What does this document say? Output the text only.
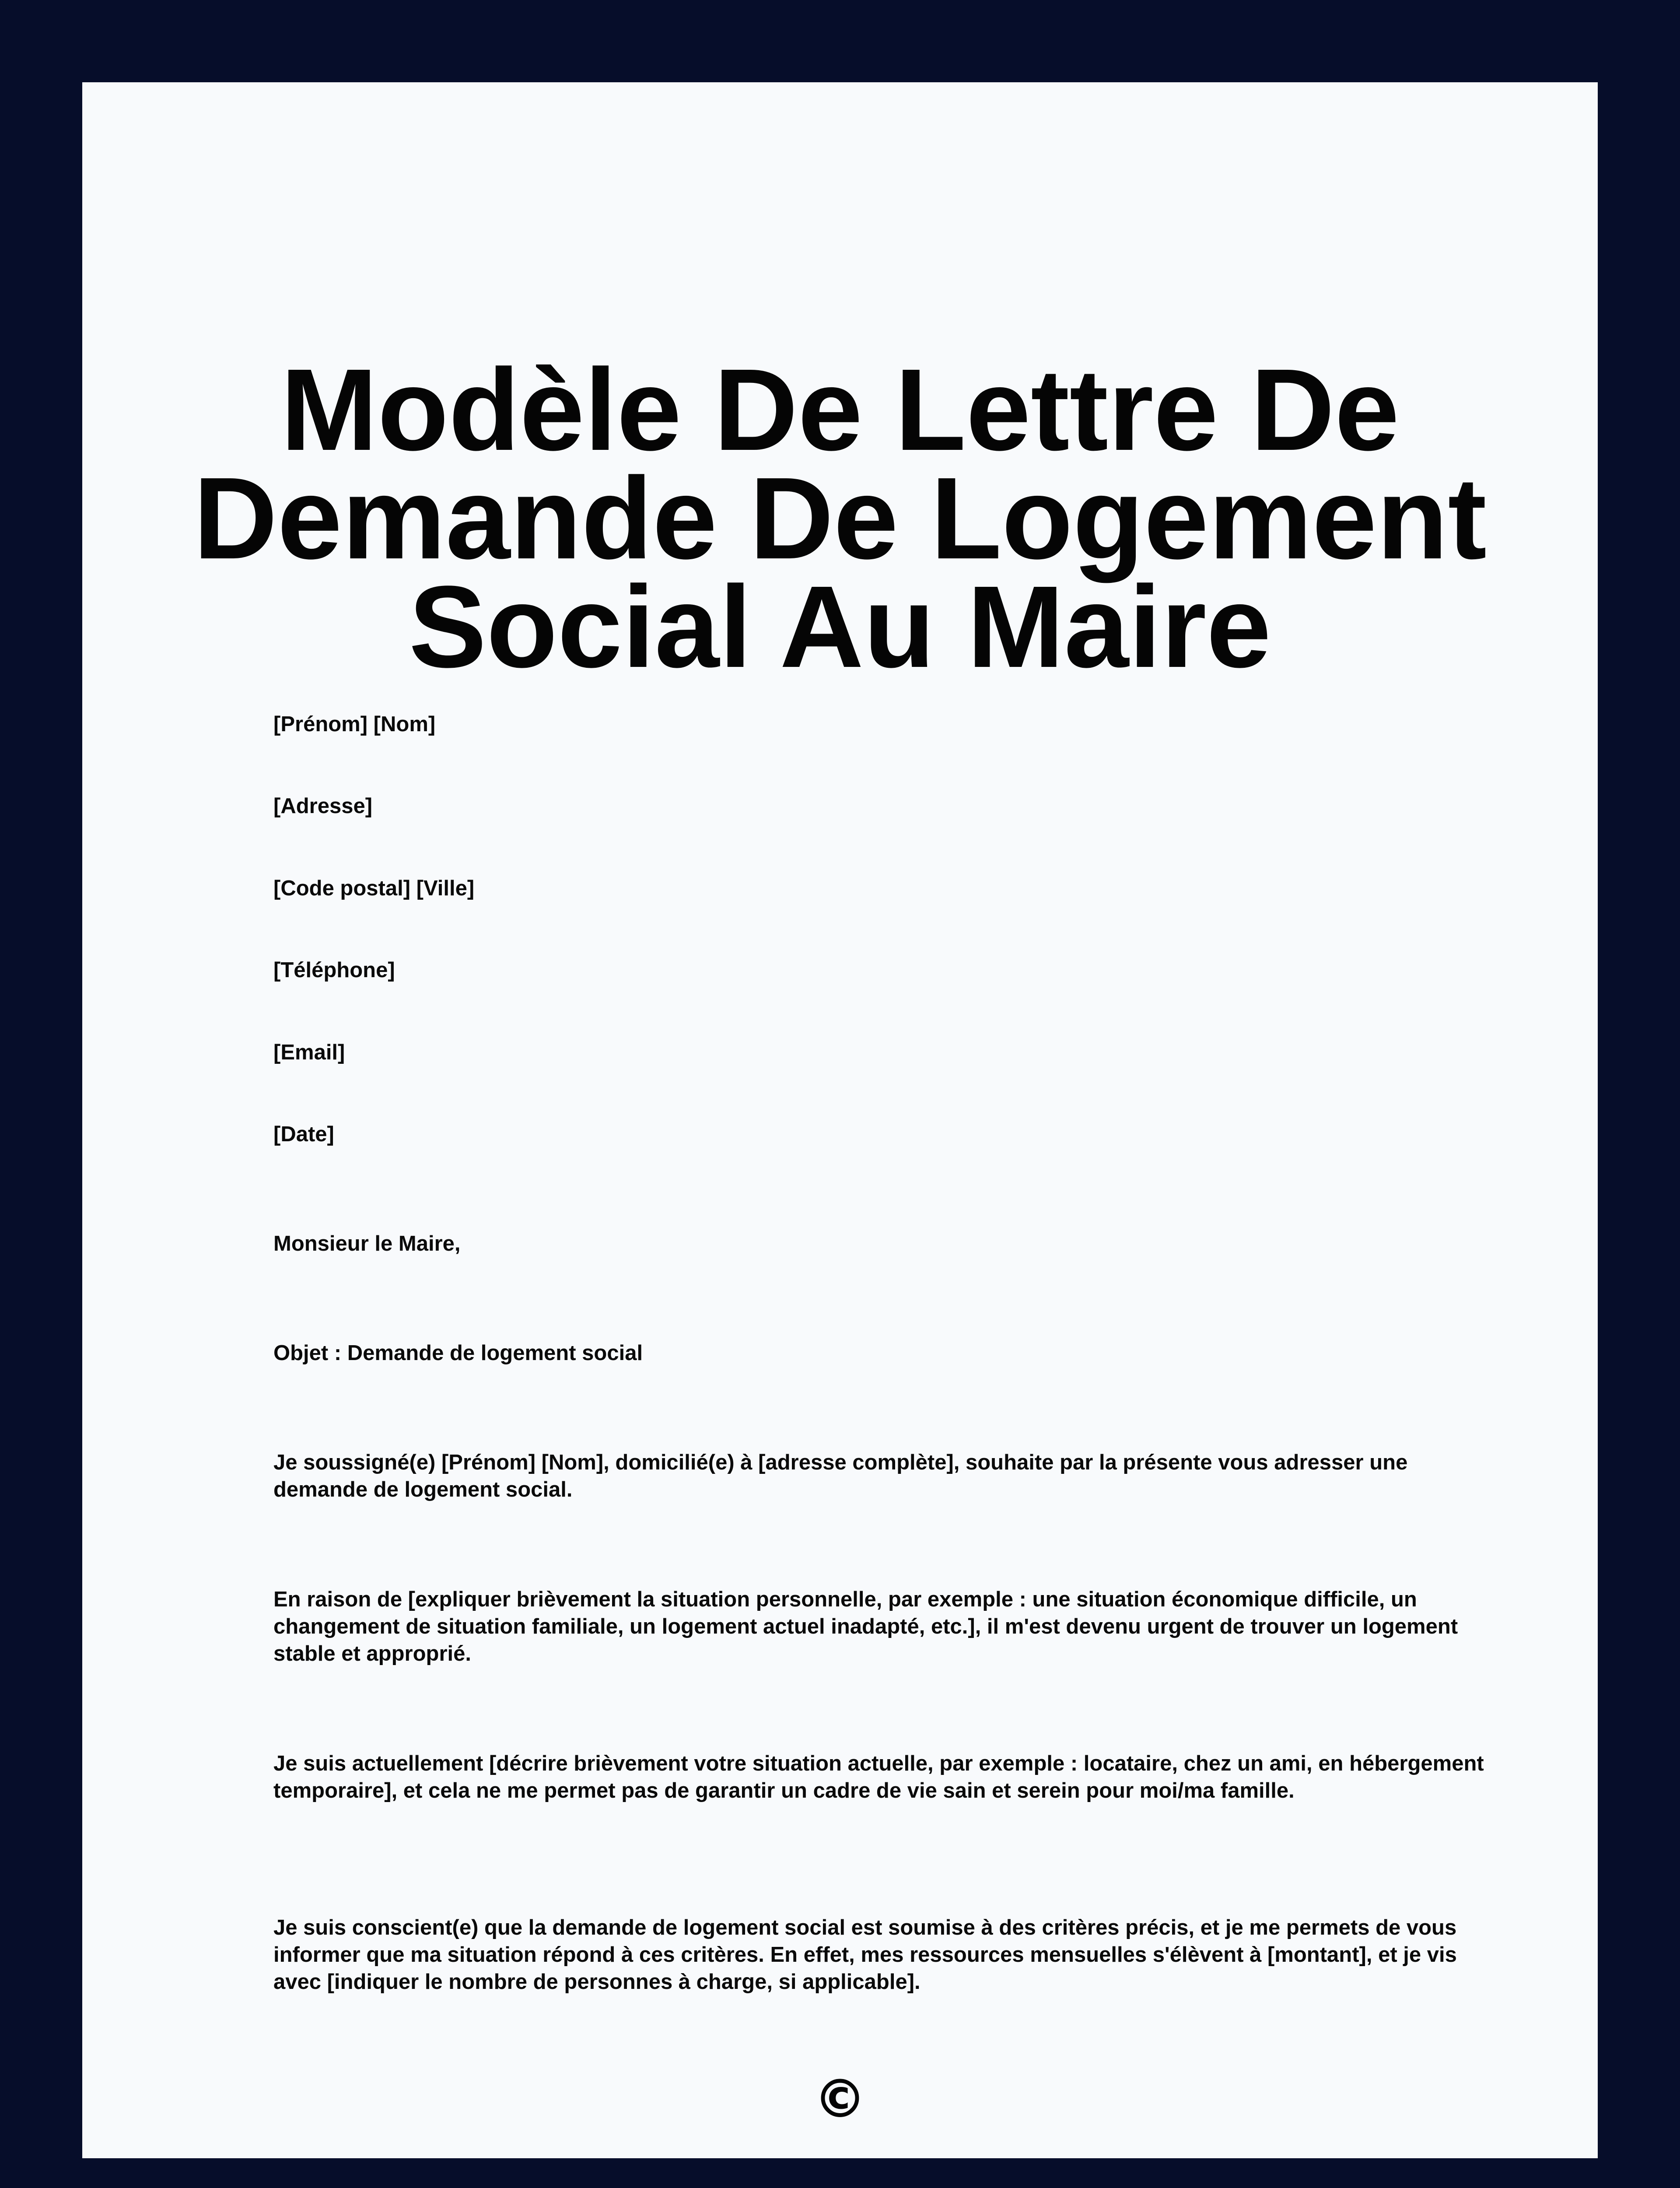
Modèle De Lettre De
Demande De Logement
Social Au Maire

[Prénom] [Nom]

[Adresse]

[Code postal] [Ville]

[Téléphone]

[Email]

[Date]

Monsieur le Maire,

Objet : Demande de logement social

Je soussigné(e) [Prénom] [Nom], domicilié(e) à [adresse complète], souhaite par la présente vous adresser une demande de logement social.

En raison de [expliquer brièvement la situation personnelle, par exemple : une situation économique difficile, un changement de situation familiale, un logement actuel inadapté, etc.], il m'est devenu urgent de trouver un logement stable et approprié.

Je suis actuellement [décrire brièvement votre situation actuelle, par exemple : locataire, chez un ami, en hébergement temporaire], et cela ne me permet pas de garantir un cadre de vie sain et serein pour moi/ma famille.

Je suis conscient(e) que la demande de logement social est soumise à des critères précis, et je me permets de vous informer que ma situation répond à ces critères. En effet, mes ressources mensuelles s'élèvent à [montant], et je vis avec [indiquer le nombre de personnes à charge, si applicable].

©
